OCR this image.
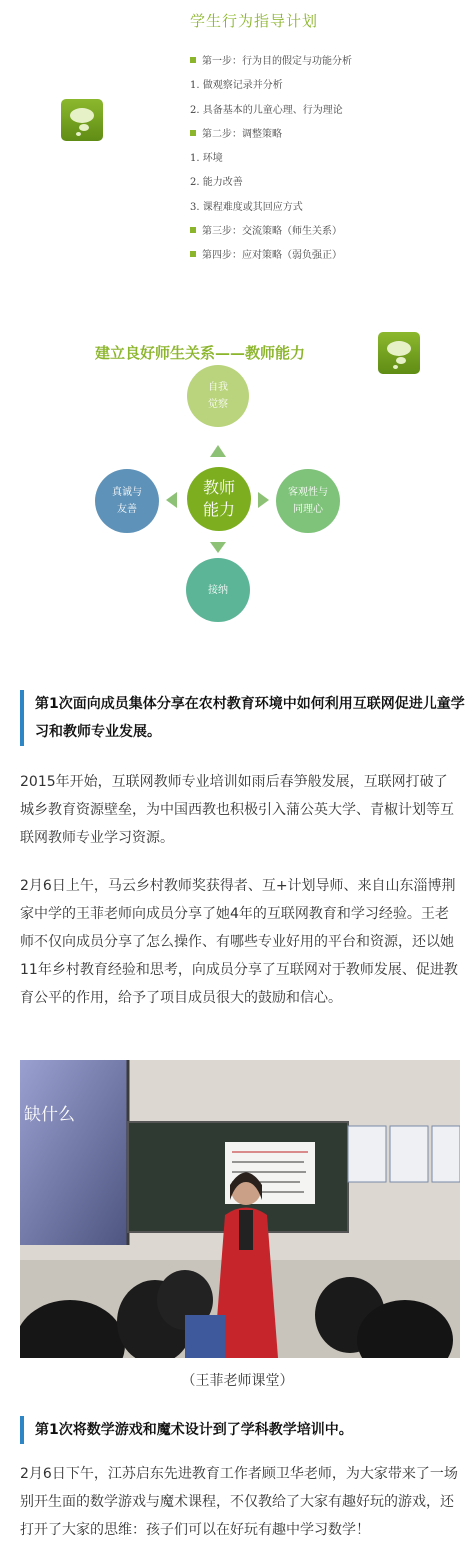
学生行为指导计划
第一步：行为目的假定与功能分析
1. 做观察记录并分析
2. 具备基本的儿童心理、行为理论
第二步：调整策略
1. 环境
2. 能力改善
3. 课程难度或其回应方式
第三步：交流策略（师生关系）
第四步：应对策略（弱负强正）
建立良好师生关系——教师能力
自我
觉察
真诚与
友善
教师
能力
客观性与
同理心
接纳
第1次面向成员集体分享在农村教育环境中如何利用互联网促进儿童学习和教师专业发展。

2015年开始，互联网教师专业培训如雨后春笋般发展，互联网打破了城乡教育资源壁垒，为中国西教也积极引入蒲公英大学、青椒计划等互联网教师专业学习资源。

2月6日上午，马云乡村教师奖获得者、互+计划导师、来自山东淄博荆家中学的王菲老师向成员分享了她4年的互联网教育和学习经验。王老师不仅向成员分享了怎么操作、有哪些专业好用的平台和资源，还以她11年乡村教育经验和思考，向成员分享了互联网对于教师发展、促进教育公平的作用，给予了项目成员很大的鼓励和信心。

缺什么
（王菲老师课堂）
第1次将数学游戏和魔术设计到了学科教学培训中。

2月6日下午，江苏启东先进教育工作者顾卫华老师，为大家带来了一场别开生面的数学游戏与魔术课程，不仅教给了大家有趣好玩的游戏，还打开了大家的思维：孩子们可以在好玩有趣中学习数学！
